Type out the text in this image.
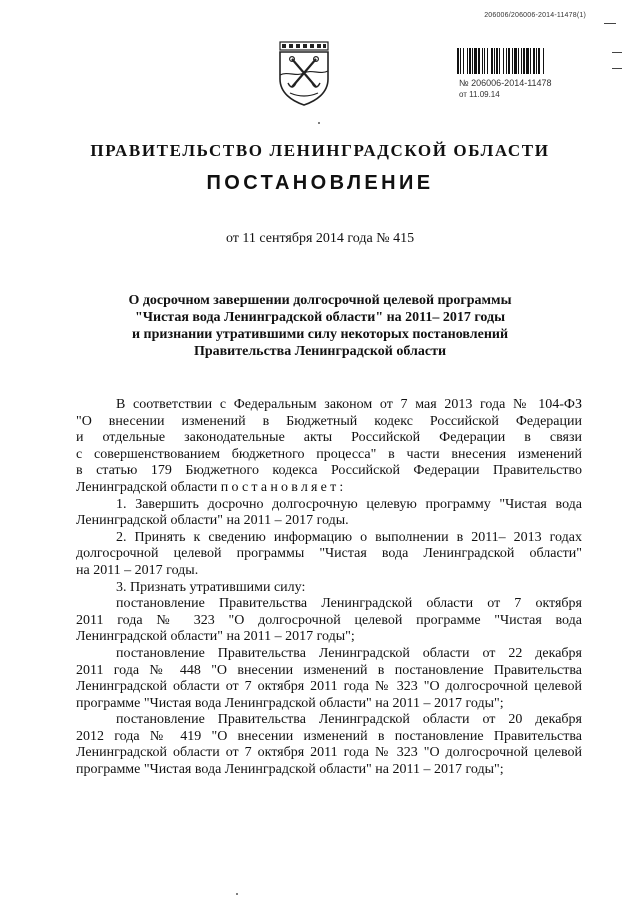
206006/206006-2014-11478(1)
№ 206006-2014-11478
от 11.09.14
ПРАВИТЕЛЬСТВО ЛЕНИНГРАДСКОЙ ОБЛАСТИ
ПОСТАНОВЛЕНИЕ
от 11 сентября 2014 года № 415
О досрочном завершении долгосрочной целевой программы
"Чистая вода Ленинградской области" на 2011– 2017 годы
и признании утратившими силу некоторых постановлений
Правительства Ленинградской области
В соответствии с Федеральным законом от 7 мая 2013 года № 104-ФЗ
"О внесении изменений в Бюджетный кодекс Российской Федерации
и отдельные законодательные акты Российской Федерации в связи
с совершенствованием бюджетного процесса" в части внесения изменений
в статью 179 Бюджетного кодекса Российской Федерации Правительство
Ленинградской области постановляет:
1. Завершить досрочно долгосрочную целевую программу "Чистая вода
Ленинградской области" на 2011 – 2017 годы.
2. Принять к сведению информацию о выполнении в 2011– 2013 годах
долгосрочной целевой программы "Чистая вода Ленинградской области"
на 2011 – 2017 годы.
3. Признать утратившими силу:
постановление Правительства Ленинградской области от 7 октября
2011 года № 323 "О долгосрочной целевой программе "Чистая вода
Ленинградской области" на 2011 – 2017 годы";
постановление Правительства Ленинградской области от 22 декабря
2011 года № 448 "О внесении изменений в постановление Правительства
Ленинградской области от 7 октября 2011 года № 323 "О долгосрочной целевой
программе "Чистая вода Ленинградской области" на 2011 – 2017 годы";
постановление Правительства Ленинградской области от 20 декабря
2012 года № 419 "О внесении изменений в постановление Правительства
Ленинградской области от 7 октября 2011 года № 323 "О долгосрочной целевой
программе "Чистая вода Ленинградской области" на 2011 – 2017 годы";
